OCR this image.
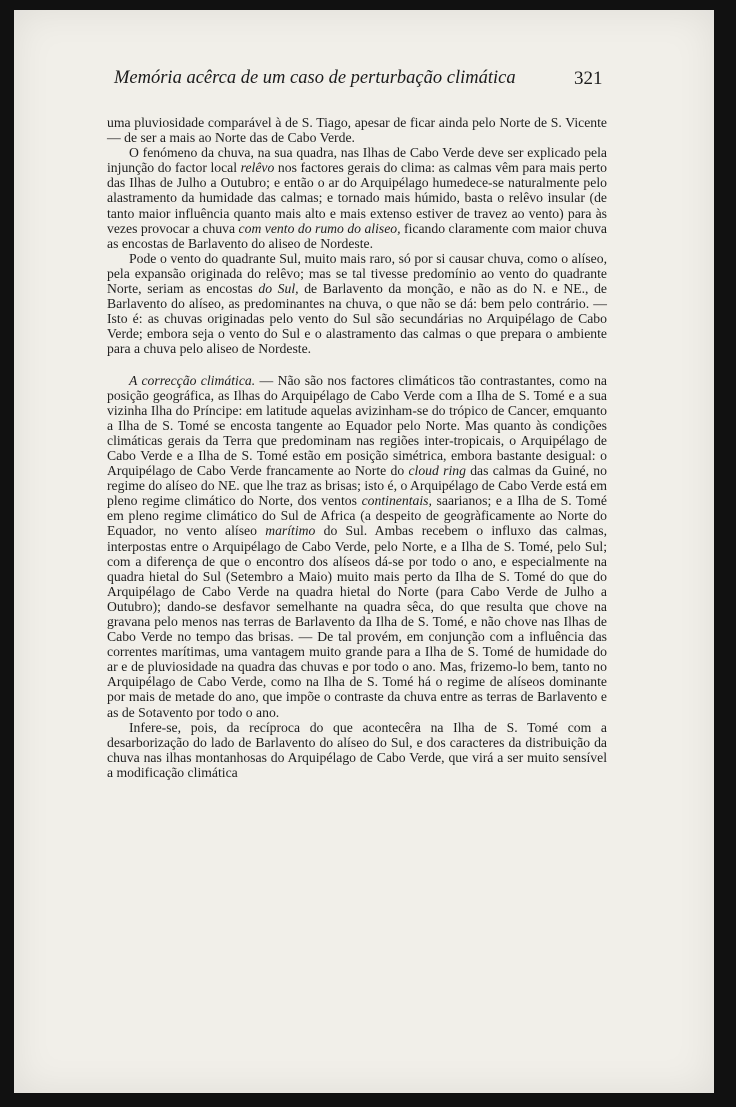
Memória acêrca de um caso de perturbação climática	321

uma pluviosidade comparável à de S. Tiago, apesar de ficar ainda pelo Norte de S. Vicente — de ser a mais ao Norte das de Cabo Verde.

O fenómeno da chuva, na sua quadra, nas Ilhas de Cabo Verde deve ser explicado pela injunção do factor local relêvo nos factores gerais do clima: as calmas vêm para mais perto das Ilhas de Julho a Outubro; e então o ar do Arquipélago humedece-se naturalmente pelo alastramento da humidade das calmas; e tornado mais húmido, basta o relêvo insular (de tanto maior influência quanto mais alto e mais extenso estiver de travez ao vento) para às vezes provocar a chuva com vento do rumo do aliseo, ficando claramente com maior chuva as encostas de Barlavento do aliseo de Nordeste.

Pode o vento do quadrante Sul, muito mais raro, só por si causar chuva, como o alíseo, pela expansão originada do relêvo; mas se tal tivesse predomínio ao vento do quadrante Norte, seriam as encostas do Sul, de Barlavento da monção, e não as do N. e NE., de Barlavento do alíseo, as predominantes na chuva, o que não se dá: bem pelo contrário. — Isto é: as chuvas originadas pelo vento do Sul são secundárias no Arquipélago de Cabo Verde; embora seja o vento do Sul e o alastramento das calmas o que prepara o ambiente para a chuva pelo aliseo de Nordeste.

A correcção climática. — Não são nos factores climáticos tão contrastantes, como na posição geográfica, as Ilhas do Arquipélago de Cabo Verde com a Ilha de S. Tomé e a sua vizinha Ilha do Príncipe: em latitude aquelas avizinham-se do trópico de Cancer, emquanto a Ilha de S. Tomé se encosta tangente ao Equador pelo Norte. Mas quanto às condições climáticas gerais da Terra que predominam nas regiões inter-tropicais, o Arquipélago de Cabo Verde e a Ilha de S. Tomé estão em posição simétrica, embora bastante desigual: o Arquipélago de Cabo Verde francamente ao Norte do cloud ring das calmas da Guiné, no regime do alíseo do NE. que lhe traz as brisas; isto é, o Arquipélago de Cabo Verde está em pleno regime climático do Norte, dos ventos continentais, saarianos; e a Ilha de S. Tomé em pleno regime climático do Sul de Africa (a despeito de geogràficamente ao Norte do Equador, no vento alíseo marítimo do Sul. Ambas recebem o influxo das calmas, interpostas entre o Arquipélago de Cabo Verde, pelo Norte, e a Ilha de S. Tomé, pelo Sul; com a diferença de que o encontro dos alíseos dá-se por todo o ano, e especialmente na quadra hietal do Sul (Setembro a Maio) muito mais perto da Ilha de S. Tomé do que do Arquipélago de Cabo Verde na quadra hietal do Norte (para Cabo Verde de Julho a Outubro); dando-se desfavor semelhante na quadra sêca, do que resulta que chove na gravana pelo menos nas terras de Barlavento da Ilha de S. Tomé, e não chove nas Ilhas de Cabo Verde no tempo das brisas. — De tal provém, em conjunção com a influência das correntes marítimas, uma vantagem muito grande para a Ilha de S. Tomé de humidade do ar e de pluviosidade na quadra das chuvas e por todo o ano. Mas, frizemo-lo bem, tanto no Arquipélago de Cabo Verde, como na Ilha de S. Tomé há o regime de alíseos dominante por mais de metade do ano, que impõe o contraste da chuva entre as terras de Barlavento e as de Sotavento por todo o ano.

Infere-se, pois, da recíproca do que acontecêra na Ilha de S. Tomé com a desarborização do lado de Barlavento do alíseo do Sul, e dos caracteres da distribuição da chuva nas ilhas montanhosas do Arquipélago de Cabo Verde, que virá a ser muito sensível a modificação climática
